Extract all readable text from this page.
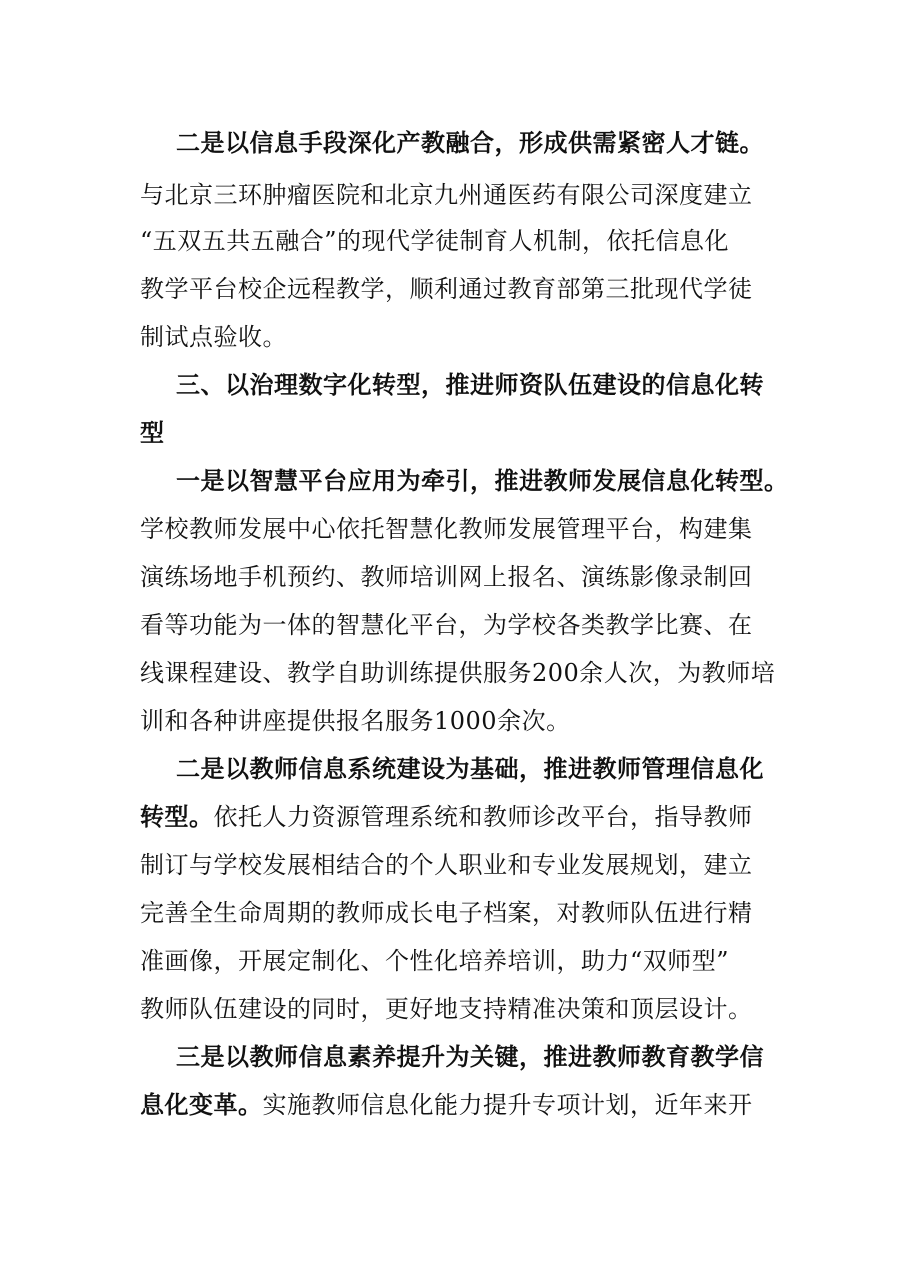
二是以信息手段深化产教融合，形成供需紧密人才链。
与北京三环肿瘤医院和北京九州通医药有限公司深度建立
“五双五共五融合”的现代学徒制育人机制，依托信息化
教学平台校企远程教学，顺利通过教育部第三批现代学徒
制试点验收。
三、以治理数字化转型，推进师资队伍建设的信息化转
型
一是以智慧平台应用为牵引，推进教师发展信息化转型。
学校教师发展中心依托智慧化教师发展管理平台，构建集
演练场地手机预约、教师培训网上报名、演练影像录制回
看等功能为一体的智慧化平台，为学校各类教学比赛、在
线课程建设、教学自助训练提供服务200余人次，为教师培
训和各种讲座提供报名服务1000余次。
二是以教师信息系统建设为基础，推进教师管理信息化
转型。依托人力资源管理系统和教师诊改平台，指导教师
制订与学校发展相结合的个人职业和专业发展规划，建立
完善全生命周期的教师成长电子档案，对教师队伍进行精
准画像，开展定制化、个性化培养培训，助力“双师型”
教师队伍建设的同时，更好地支持精准决策和顶层设计。
三是以教师信息素养提升为关键，推进教师教育教学信
息化变革。实施教师信息化能力提升专项计划，近年来开
